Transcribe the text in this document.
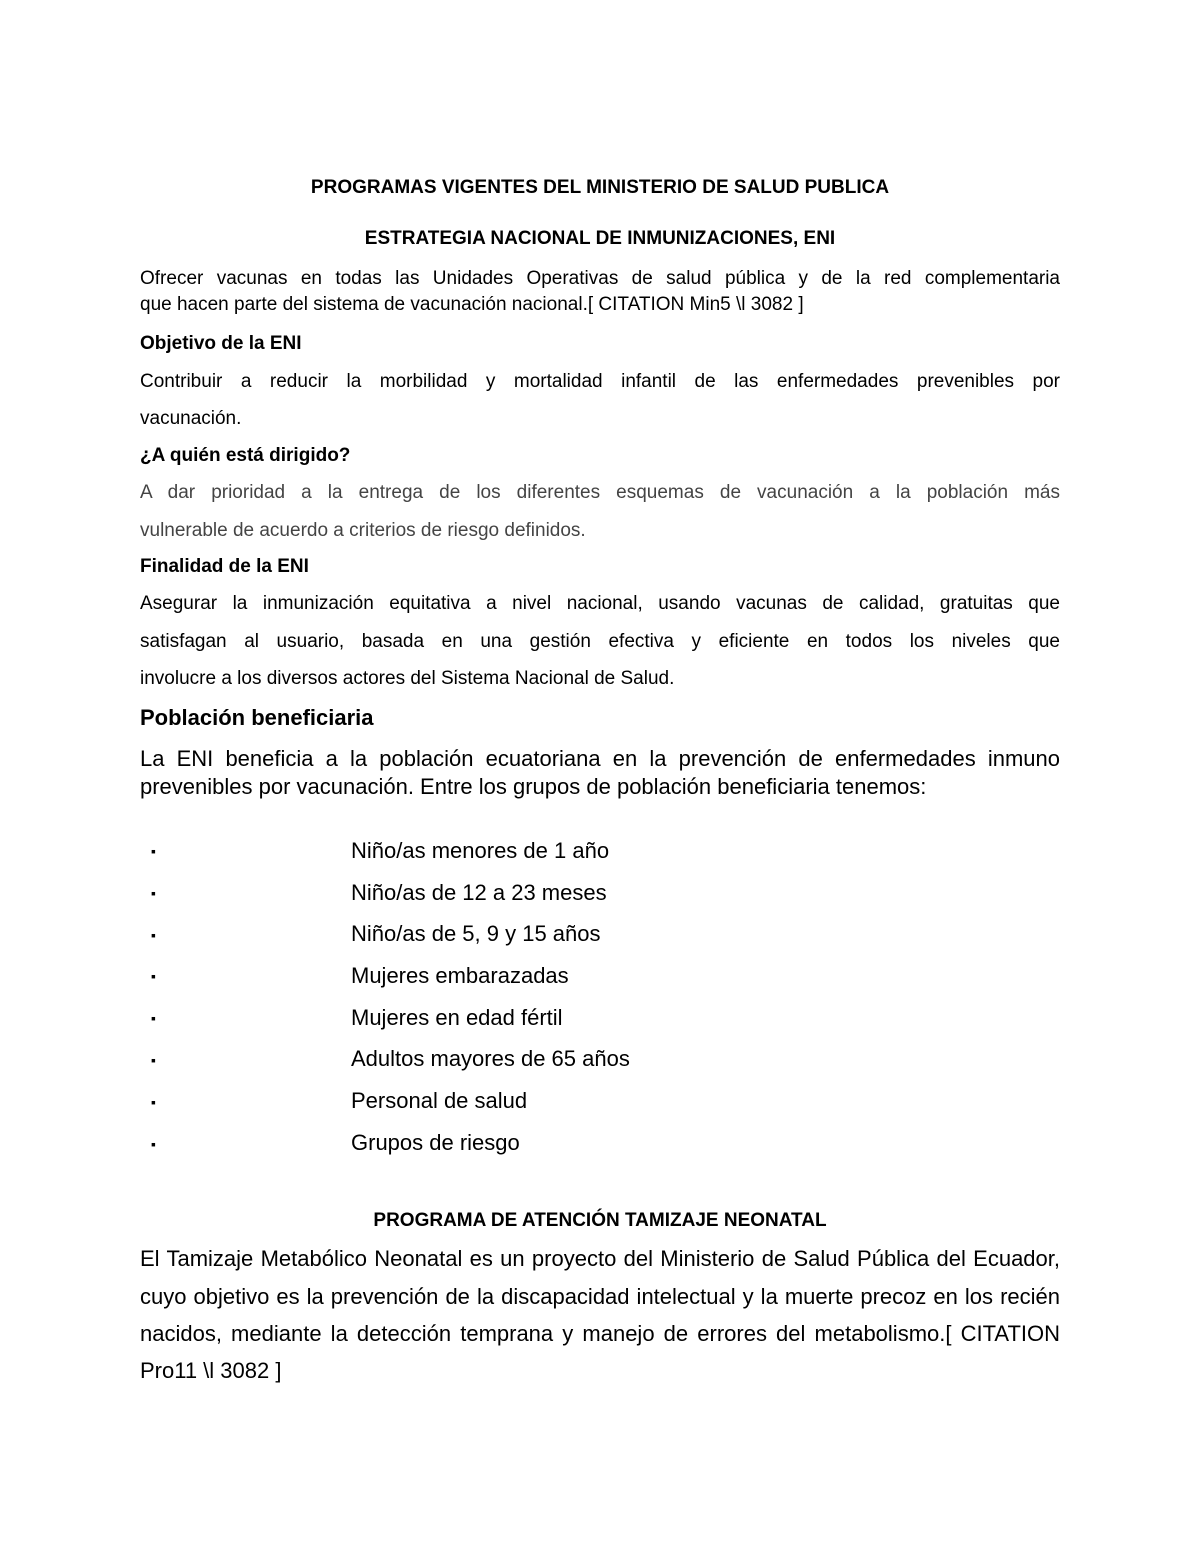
PROGRAMAS VIGENTES DEL MINISTERIO DE SALUD PUBLICA
ESTRATEGIA NACIONAL DE INMUNIZACIONES, ENI
Ofrecer vacunas en todas las Unidades Operativas de salud pública y de la red complementaria
que hacen parte del sistema de vacunación nacional.[ CITATION Min5 \l 3082 ]
Objetivo de la ENI
Contribuir a reducir la morbilidad y mortalidad infantil de las enfermedades prevenibles por
vacunación.
¿A quién está dirigido?
A dar prioridad a la entrega de los diferentes esquemas de vacunación a la población más
vulnerable de acuerdo a criterios de riesgo definidos.
Finalidad de la ENI
Asegurar la inmunización equitativa a nivel nacional, usando vacunas de calidad, gratuitas que
satisfagan al usuario, basada en una gestión efectiva y eficiente en todos los niveles que
involucre a los diversos actores del Sistema Nacional de Salud.
Población beneficiaria
La ENI beneficia a la población ecuatoriana en la prevención de enfermedades inmuno
prevenibles por vacunación. Entre los grupos de población beneficiaria tenemos:
▪	Niño/as menores de 1 año
▪	Niño/as de 12 a 23 meses
▪	Niño/as de 5, 9 y 15 años
▪	Mujeres embarazadas
▪	Mujeres en edad fértil
▪	Adultos mayores de 65 años
▪	Personal de salud
▪	Grupos de riesgo
PROGRAMA DE ATENCIÓN TAMIZAJE NEONATAL
El Tamizaje Metabólico Neonatal es un proyecto del Ministerio de Salud Pública del Ecuador,
cuyo objetivo es la prevención de la discapacidad intelectual y la muerte precoz en los recién
nacidos, mediante la detección temprana y manejo de errores del metabolismo.[ CITATION
Pro11 \l 3082 ]
